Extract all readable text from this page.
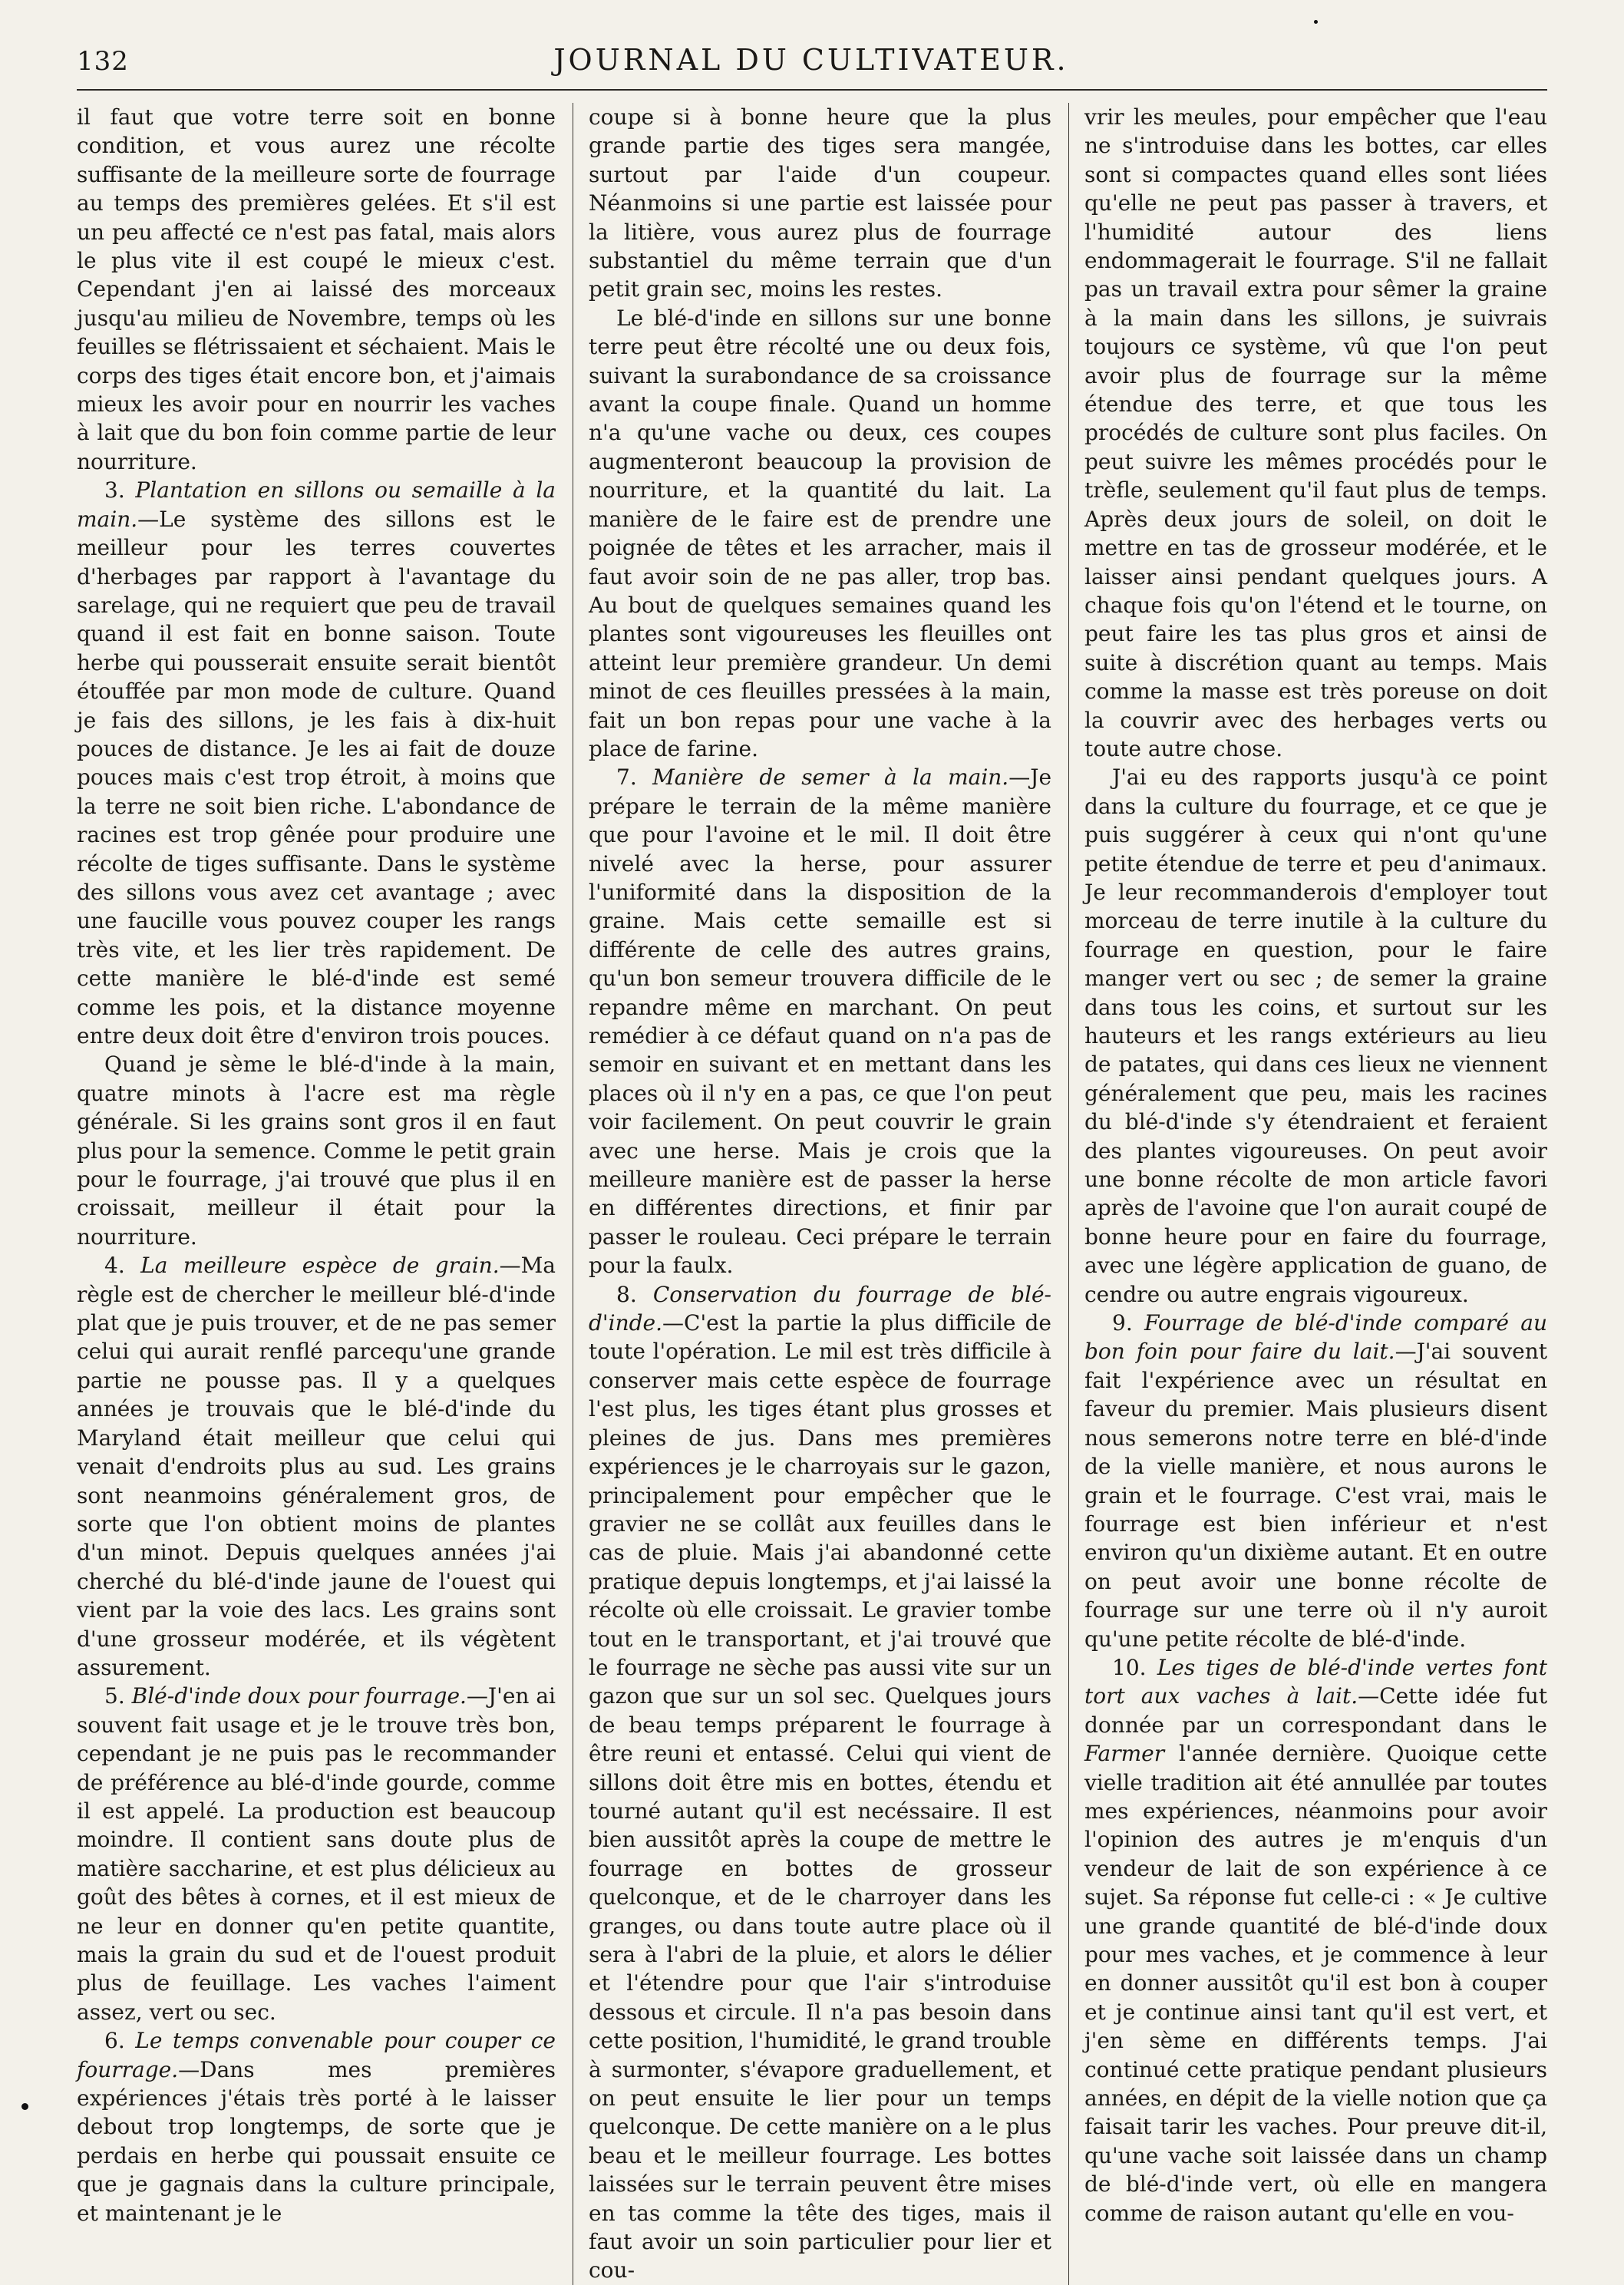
132	JOURNAL DU CULTIVATEUR.

il faut que votre terre soit en bonne condition, et vous aurez une récolte suffisante de la meilleure sorte de fourrage au temps des premières gelées. Et s'il est un peu affecté ce n'est pas fatal, mais alors le plus vite il est coupé le mieux c'est. Cependant j'en ai laissé des morceaux jusqu'au milieu de Novembre, temps où les feuilles se flétrissaient et séchaient. Mais le corps des tiges était encore bon, et j'aimais mieux les avoir pour en nourrir les vaches à lait que du bon foin comme partie de leur nourriture.

3. Plantation en sillons ou semaille à la main.—Le système des sillons est le meilleur pour les terres couvertes d'herbages par rapport à l'avantage du sarelage, qui ne requiert que peu de travail quand il est fait en bonne saison. Toute herbe qui pousserait ensuite serait bientôt étouffée par mon mode de culture. Quand je fais des sillons, je les fais à dix-huit pouces de distance. Je les ai fait de douze pouces mais c'est trop étroit, à moins que la terre ne soit bien riche. L'abondance de racines est trop gênée pour produire une récolte de tiges suffisante. Dans le système des sillons vous avez cet avantage ; avec une faucille vous pouvez couper les rangs très vite, et les lier très rapidement. De cette manière le blé-d'inde est semé comme les pois, et la distance moyenne entre deux doit être d'environ trois pouces.

Quand je sème le blé-d'inde à la main, quatre minots à l'acre est ma règle générale. Si les grains sont gros il en faut plus pour la semence. Comme le petit grain pour le fourrage, j'ai trouvé que plus il en croissait, meilleur il était pour la nourriture.

4. La meilleure espèce de grain.—Ma règle est de chercher le meilleur blé-d'inde plat que je puis trouver, et de ne pas semer celui qui aurait renflé parcequ'une grande partie ne pousse pas. Il y a quelques années je trouvais que le blé-d'inde du Maryland était meilleur que celui qui venait d'endroits plus au sud. Les grains sont neanmoins généralement gros, de sorte que l'on obtient moins de plantes d'un minot. Depuis quelques années j'ai cherché du blé-d'inde jaune de l'ouest qui vient par la voie des lacs. Les grains sont d'une grosseur modérée, et ils végètent assurement.

5. Blé-d'inde doux pour fourrage.—J'en ai souvent fait usage et je le trouve très bon, cependant je ne puis pas le recommander de préférence au blé-d'inde gourde, comme il est appelé. La production est beaucoup moindre. Il contient sans doute plus de matière saccharine, et est plus délicieux au goût des bêtes à cornes, et il est mieux de ne leur en donner qu'en petite quantite, mais la grain du sud et de l'ouest produit plus de feuillage. Les vaches l'aiment assez, vert ou sec.

6. Le temps convenable pour couper ce fourrage.—Dans mes premières expériences j'étais très porté à le laisser debout trop longtemps, de sorte que je perdais en herbe qui poussait ensuite ce que je gagnais dans la culture principale, et maintenant je le

coupe si à bonne heure que la plus grande partie des tiges sera mangée, surtout par l'aide d'un coupeur. Néanmoins si une partie est laissée pour la litière, vous aurez plus de fourrage substantiel du même terrain que d'un petit grain sec, moins les restes.

Le blé-d'inde en sillons sur une bonne terre peut être récolté une ou deux fois, suivant la surabondance de sa croissance avant la coupe finale. Quand un homme n'a qu'une vache ou deux, ces coupes augmenteront beaucoup la provision de nourriture, et la quantité du lait. La manière de le faire est de prendre une poignée de têtes et les arracher, mais il faut avoir soin de ne pas aller, trop bas. Au bout de quelques semaines quand les plantes sont vigoureuses les fleuilles ont atteint leur première grandeur. Un demi minot de ces fleuilles pressées à la main, fait un bon repas pour une vache à la place de farine.

7. Manière de semer à la main.—Je prépare le terrain de la même manière que pour l'avoine et le mil. Il doit être nivelé avec la herse, pour assurer l'uniformité dans la disposition de la graine. Mais cette semaille est si différente de celle des autres grains, qu'un bon semeur trouvera difficile de le repandre même en marchant. On peut remédier à ce défaut quand on n'a pas de semoir en suivant et en mettant dans les places où il n'y en a pas, ce que l'on peut voir facilement. On peut couvrir le grain avec une herse. Mais je crois que la meilleure manière est de passer la herse en différentes directions, et finir par passer le rouleau. Ceci prépare le terrain pour la faulx.

8. Conservation du fourrage de blé-d'inde.—C'est la partie la plus difficile de toute l'opération. Le mil est très difficile à conserver mais cette espèce de fourrage l'est plus, les tiges étant plus grosses et pleines de jus. Dans mes premières expériences je le charroyais sur le gazon, principalement pour empêcher que le gravier ne se collât aux feuilles dans le cas de pluie. Mais j'ai abandonné cette pratique depuis longtemps, et j'ai laissé la récolte où elle croissait. Le gravier tombe tout en le transportant, et j'ai trouvé que le fourrage ne sèche pas aussi vite sur un gazon que sur un sol sec. Quelques jours de beau temps préparent le fourrage à être reuni et entassé. Celui qui vient de sillons doit être mis en bottes, étendu et tourné autant qu'il est necéssaire. Il est bien aussitôt après la coupe de mettre le fourrage en bottes de grosseur quelconque, et de le charroyer dans les granges, ou dans toute autre place où il sera à l'abri de la pluie, et alors le délier et l'étendre pour que l'air s'introduise dessous et circule. Il n'a pas besoin dans cette position, l'humidité, le grand trouble à surmonter, s'évapore graduellement, et on peut ensuite le lier pour un temps quelconque. De cette manière on a le plus beau et le meilleur fourrage. Les bottes laissées sur le terrain peuvent être mises en tas comme la tête des tiges, mais il faut avoir un soin particulier pour lier et cou-

vrir les meules, pour empêcher que l'eau ne s'introduise dans les bottes, car elles sont si compactes quand elles sont liées qu'elle ne peut pas passer à travers, et l'humidité autour des liens endommagerait le fourrage. S'il ne fallait pas un travail extra pour sêmer la graine à la main dans les sillons, je suivrais toujours ce système, vû que l'on peut avoir plus de fourrage sur la même étendue des terre, et que tous les procédés de culture sont plus faciles. On peut suivre les mêmes procédés pour le trèfle, seulement qu'il faut plus de temps. Après deux jours de soleil, on doit le mettre en tas de grosseur modérée, et le laisser ainsi pendant quelques jours. A chaque fois qu'on l'étend et le tourne, on peut faire les tas plus gros et ainsi de suite à discrétion quant au temps. Mais comme la masse est très poreuse on doit la couvrir avec des herbages verts ou toute autre chose.

J'ai eu des rapports jusqu'à ce point dans la culture du fourrage, et ce que je puis suggérer à ceux qui n'ont qu'une petite étendue de terre et peu d'animaux. Je leur recommanderois d'employer tout morceau de terre inutile à la culture du fourrage en question, pour le faire manger vert ou sec ; de semer la graine dans tous les coins, et surtout sur les hauteurs et les rangs extérieurs au lieu de patates, qui dans ces lieux ne viennent généralement que peu, mais les racines du blé-d'inde s'y étendraient et feraient des plantes vigoureuses. On peut avoir une bonne récolte de mon article favori après de l'avoine que l'on aurait coupé de bonne heure pour en faire du fourrage, avec une légère application de guano, de cendre ou autre engrais vigoureux.

9. Fourrage de blé-d'inde comparé au bon foin pour faire du lait.—J'ai souvent fait l'expérience avec un résultat en faveur du premier. Mais plusieurs disent nous semerons notre terre en blé-d'inde de la vielle manière, et nous aurons le grain et le fourrage. C'est vrai, mais le fourrage est bien inférieur et n'est environ qu'un dixième autant. Et en outre on peut avoir une bonne récolte de fourrage sur une terre où il n'y auroit qu'une petite récolte de blé-d'inde.

10. Les tiges de blé-d'inde vertes font tort aux vaches à lait.—Cette idée fut donnée par un correspondant dans le Farmer l'année dernière. Quoique cette vielle tradition ait été annullée par toutes mes expériences, néanmoins pour avoir l'opinion des autres je m'enquis d'un vendeur de lait de son expérience à ce sujet. Sa réponse fut celle-ci : « Je cultive une grande quantité de blé-d'inde doux pour mes vaches, et je commence à leur en donner aussitôt qu'il est bon à couper et je continue ainsi tant qu'il est vert, et j'en sème en différents temps. J'ai continué cette pratique pendant plusieurs années, en dépit de la vielle notion que ça faisait tarir les vaches. Pour preuve dit-il, qu'une vache soit laissée dans un champ de blé-d'inde vert, où elle en mangera comme de raison autant qu'elle en vou-
